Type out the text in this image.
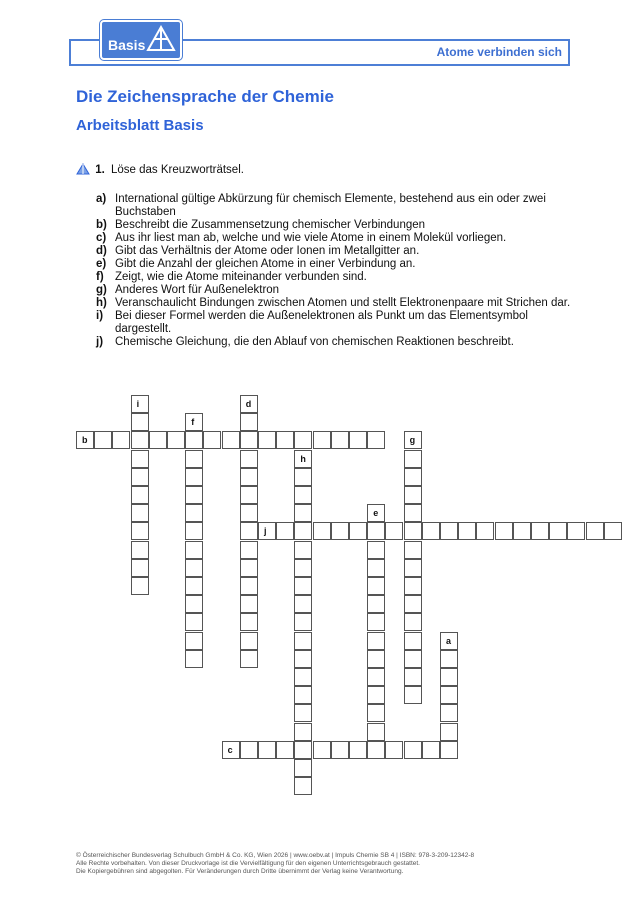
Basis	Atome verbinden sich
Die Zeichensprache der Chemie
Arbeitsblatt Basis
1. Löse das Kreuzworträtsel.
a) International gültige Abkürzung für chemisch Elemente, bestehend aus ein oder zwei Buchstaben
b) Beschreibt die Zusammensetzung chemischer Verbindungen
c) Aus ihr liest man ab, welche und wie viele Atome in einem Molekül vorliegen.
d) Gibt das Verhältnis der Atome oder Ionen im Metallgitter an.
e) Gibt die Anzahl der gleichen Atome in einer Verbindung an.
f) Zeigt, wie die Atome miteinander verbunden sind.
g) Anderes Wort für Außenelektron
h) Veranschaulicht Bindungen zwischen Atomen und stellt Elektronenpaare mit Strichen dar.
i)	Bei dieser Formel werden die Außenelektronen als Punkt um das Elementsymbol dargestellt.
j)	Chemische Gleichung, die den Ablauf von chemischen Reaktionen beschreibt.
b
i	d
f
g
h
e
j
a
c
© Österreichischer Bundesverlag Schulbuch GmbH & Co. KG, Wien 2026 | www.oebv.at | Impuls Chemie SB 4 | ISBN: 978-3-209-12342-8
Alle Rechte vorbehalten. Von dieser Druckvorlage ist die Vervielfältigung für den eigenen Unterrichtsgebrauch gestattet.
Die Kopiergebühren sind abgegolten. Für Veränderungen durch Dritte übernimmt der Verlag keine Verantwortung.
